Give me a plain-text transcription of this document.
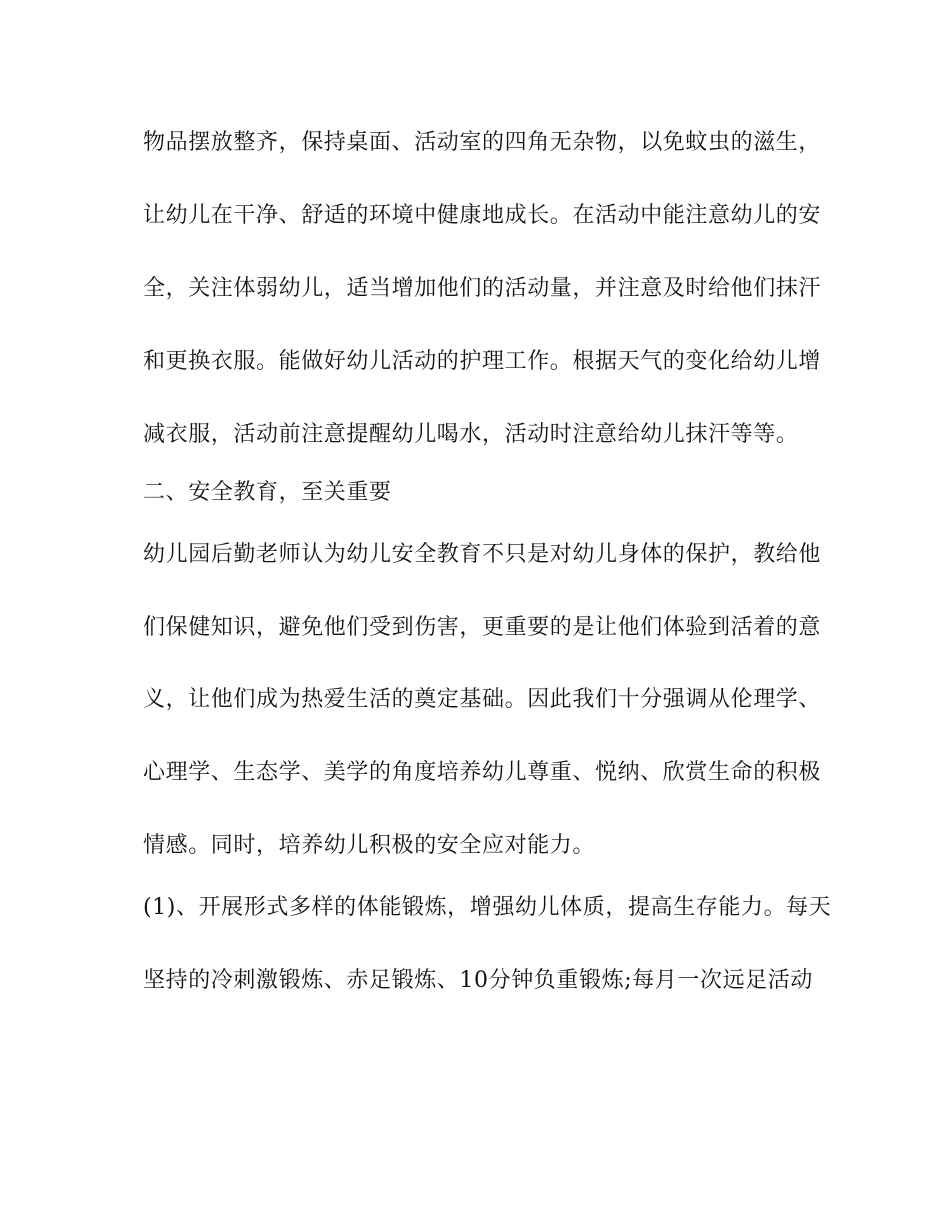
物品摆放整齐，保持桌面、活动室的四角无杂物，以免蚊虫的滋生，
让幼儿在干净、舒适的环境中健康地成长。在活动中能注意幼儿的安
全，关注体弱幼儿，适当增加他们的活动量，并注意及时给他们抹汗
和更换衣服。能做好幼儿活动的护理工作。根据天气的变化给幼儿增
减衣服，活动前注意提醒幼儿喝水，活动时注意给幼儿抹汗等等。
二、安全教育，至关重要
幼儿园后勤老师认为幼儿安全教育不只是对幼儿身体的保护，教给他
们保健知识，避免他们受到伤害，更重要的是让他们体验到活着的意
义，让他们成为热爱生活的奠定基础。因此我们十分强调从伦理学、
心理学、生态学、美学的角度培养幼儿尊重、悦纳、欣赏生命的积极
情感。同时，培养幼儿积极的安全应对能力。
(1)、开展形式多样的体能锻炼，增强幼儿体质，提高生存能力。每天
坚持的冷刺激锻炼、赤足锻炼、10分钟负重锻炼;每月一次远足活动
